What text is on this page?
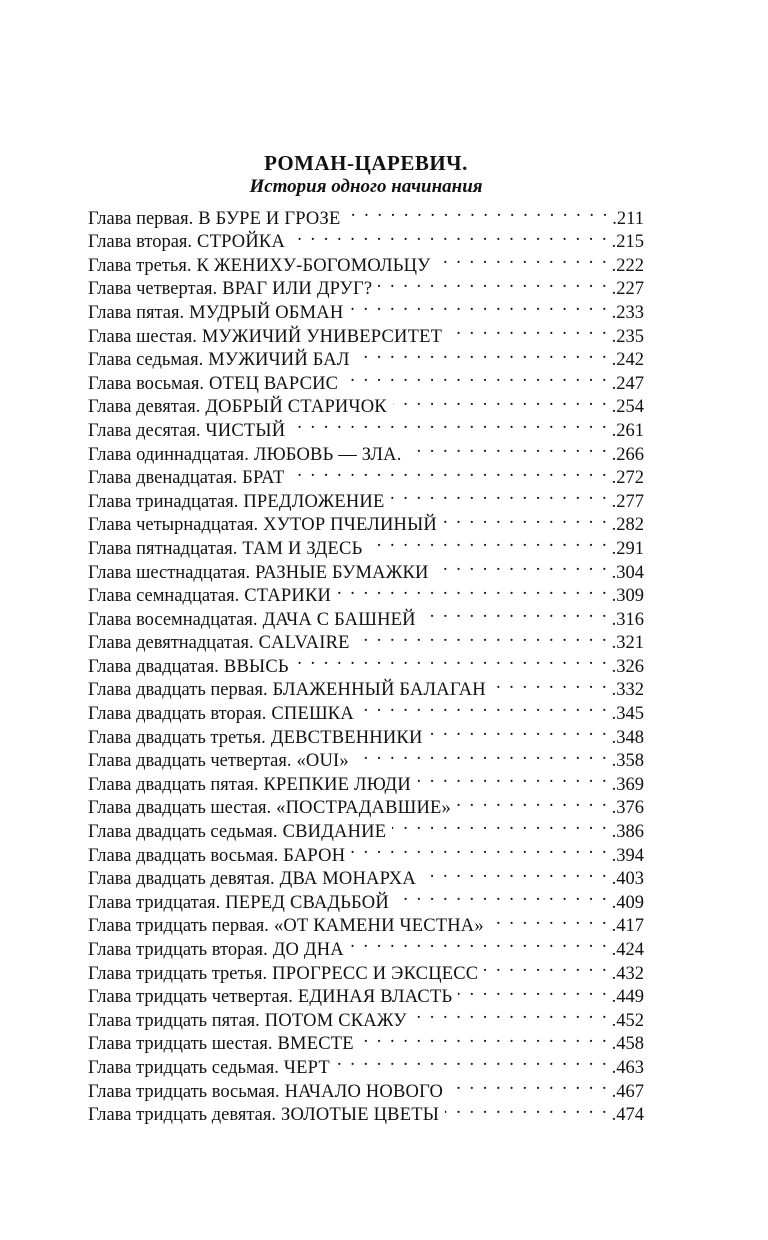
РОМАН-ЦАРЕВИЧ.
История одного начинания
Глава первая. В БУРЕ И ГРОЗЕ . . .	.211
Глава вторая. СТРОЙКА . . .	.215
Глава третья. К ЖЕНИХУ-БОГОМОЛЬЦУ . . .	.222
Глава четвертая. ВРАГ ИЛИ ДРУГ? . . .	.227
Глава пятая. МУДРЫЙ ОБМАН . . .	.233
Глава шестая. МУЖИЧИЙ УНИВЕРСИТЕТ . . .	.235
Глава седьмая. МУЖИЧИЙ БАЛ . . .	.242
Глава восьмая. ОТЕЦ ВАРСИС . . .	.247
Глава девятая. ДОБРЫЙ СТАРИЧОК . . .	.254
Глава десятая. ЧИСТЫЙ . . .	.261
Глава одиннадцатая. ЛЮБОВЬ — ЗЛА. . . .	.266
Глава двенадцатая. БРАТ . . .	.272
Глава тринадцатая. ПРЕДЛОЖЕНИЕ . . .	.277
Глава четырнадцатая. ХУТОР ПЧЕЛИНЫЙ . . .	.282
Глава пятнадцатая. ТАМ И ЗДЕСЬ . . .	.291
Глава шестнадцатая. РАЗНЫЕ БУМАЖКИ . . .	.304
Глава семнадцатая. СТАРИКИ . . .	.309
Глава восемнадцатая. ДАЧА С БАШНЕЙ . . .	.316
Глава девятнадцатая. CALVAIRE . . .	.321
Глава двадцатая. ВВЫСЬ . . .	.326
Глава двадцать первая. БЛАЖЕННЫЙ БАЛАГАН . . .	.332
Глава двадцать вторая. СПЕШКА . . .	.345
Глава двадцать третья. ДЕВСТВЕННИКИ . . .	.348
Глава двадцать четвертая. «OUI» . . .	.358
Глава двадцать пятая. КРЕПКИЕ ЛЮДИ . . .	.369
Глава двадцать шестая. «ПОСТРАДАВШИЕ» . . .	.376
Глава двадцать седьмая. СВИДАНИЕ . . .	.386
Глава двадцать восьмая. БАРОН . . .	.394
Глава двадцать девятая. ДВА МОНАРХА . . .	.403
Глава тридцатая. ПЕРЕД СВАДЬБОЙ . . .	.409
Глава тридцать первая. «ОТ КАМЕНИ ЧЕСТНА» . . .	.417
Глава тридцать вторая. ДО ДНА . . .	.424
Глава тридцать третья. ПРОГРЕСС И ЭКСЦЕСС . . .	.432
Глава тридцать четвертая. ЕДИНАЯ ВЛАСТЬ . . .	.449
Глава тридцать пятая. ПОТОМ СКАЖУ . . .	.452
Глава тридцать шестая. ВМЕСТЕ . . .	.458
Глава тридцать седьмая. ЧЕРТ . . .	.463
Глава тридцать восьмая. НАЧАЛО НОВОГО . . .	.467
Глава тридцать девятая. ЗОЛОТЫЕ ЦВЕТЫ . . .	.474
